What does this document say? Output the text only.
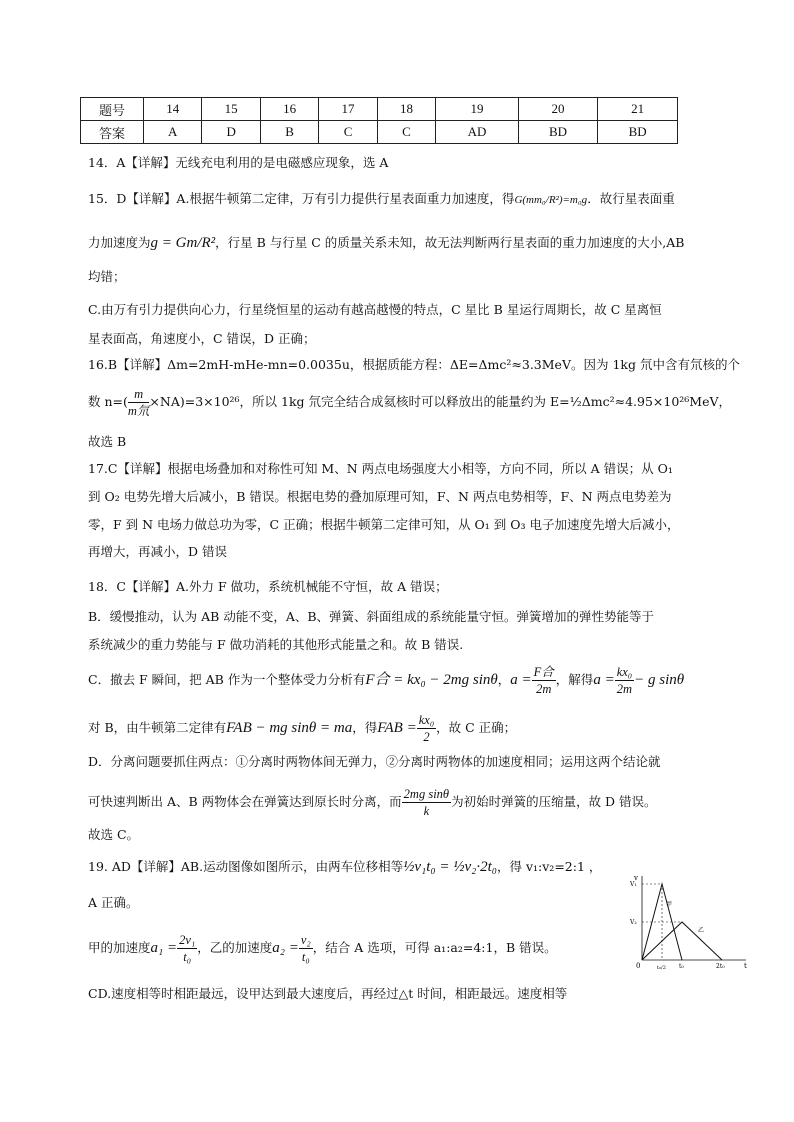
题号	14	15	16	17	18	19	20	21
答案	A	D	B	C	C	AD	BD	BD
14．A【详解】无线充电利用的是电磁感应现象，选 A
15．D【详解】A.根据牛顿第二定律，万有引力提供行星表面重力加速度，得G(mm₀/R²)=m₀g．故行星表面重
力加速度为g = Gm/R²，行星 B 与行星 C 的质量关系未知，故无法判断两行星表面的重力加速度的大小,AB
均错；
C.由万有引力提供向心力，行星绕恒星的运动有越高越慢的特点，C 星比 B 星运行周期长，故 C 星离恒
星表面高，角速度小，C 错误，D 正确；
16.B【详解】Δm=2mH-mHe-mn=0.0035u，根据质能方程：ΔE=Δmc²≈3.3MeV。因为 1kg 氘中含有氘核的个
数 $n=( \frac{m}{\text{m氘}} \times NA)=3\times 10^{26}$，所以 1kg 氘完全结合成氦核时可以释放出的能量约为 E=½Δmc²≈4.95×10²⁶MeV，
故选 B
17.C【详解】根据电场叠加和对称性可知 M、N 两点电场强度大小相等，方向不同，所以 A 错误；从 O₁
到 O₂ 电势先增大后减小，B 错误。根据电势的叠加原理可知，F、N 两点电势相等，F、N 两点电势差为
零，F 到 N 电场力做总功为零，C 正确；根据牛顿第二定律可知，从 O₁ 到 O₃ 电子加速度先增大后减小，
再增大，再减小，D 错误
18．C【详解】A.外力 F 做功，系统机械能不守恒，故 A 错误；
B．缓慢推动，认为 AB 动能不变，A、B、弹簧、斜面组成的系统能量守恒。弹簧增加的弹性势能等于
系统减少的重力势能与 F 做功消耗的其他形式能量之和。故 B 错误.
C．撤去 F 瞬间，把 AB 作为一个整体受力分析有F合 = kx₀ − 2mg sinθ，$a = \frac{\text{F合}}{2m}$ ，解得$a = \frac{\text{kx₀}}{2m} - g$ sinθ
对 B，由牛顿第二定律有FAB − mg sinθ = ma，得FAB = $\frac{\text{kx₀}}{2}$ ，故 C 正确；
D．分离问题要抓住两点：①分离时两物体间无弹力，②分离时两物体的加速度相同；运用这两个结论就
可快速判断出 A、B 两物体会在弹簧达到原长时分离，而 $\frac{\text{2mg sinθ}}{k}$ 为初始时弹簧的压缩量，故 D 错误。
故选 C。
19. AD【详解】AB.运动图像如图所示，由两车位移相等½v₁t₀ = ½v₂·2t₀，得 v₁:v₂=2:1 ，
A 正确。
甲的加速度$a_1 = \frac{\text{2v₁}}{\text{t₀}}$ ，乙的加速度$a_2 = \frac{\text{v₂}}{\text{t₀}}$ ，结合 A 选项，可得 a₁:a₂=4:1，B 错误。
CD.速度相等时相距最远，设甲达到最大速度后，再经过△t 时间，相距最远。速度相等
v
t
V₁
V₂
0	t₀/2 t₀	2t₀
甲
乙
